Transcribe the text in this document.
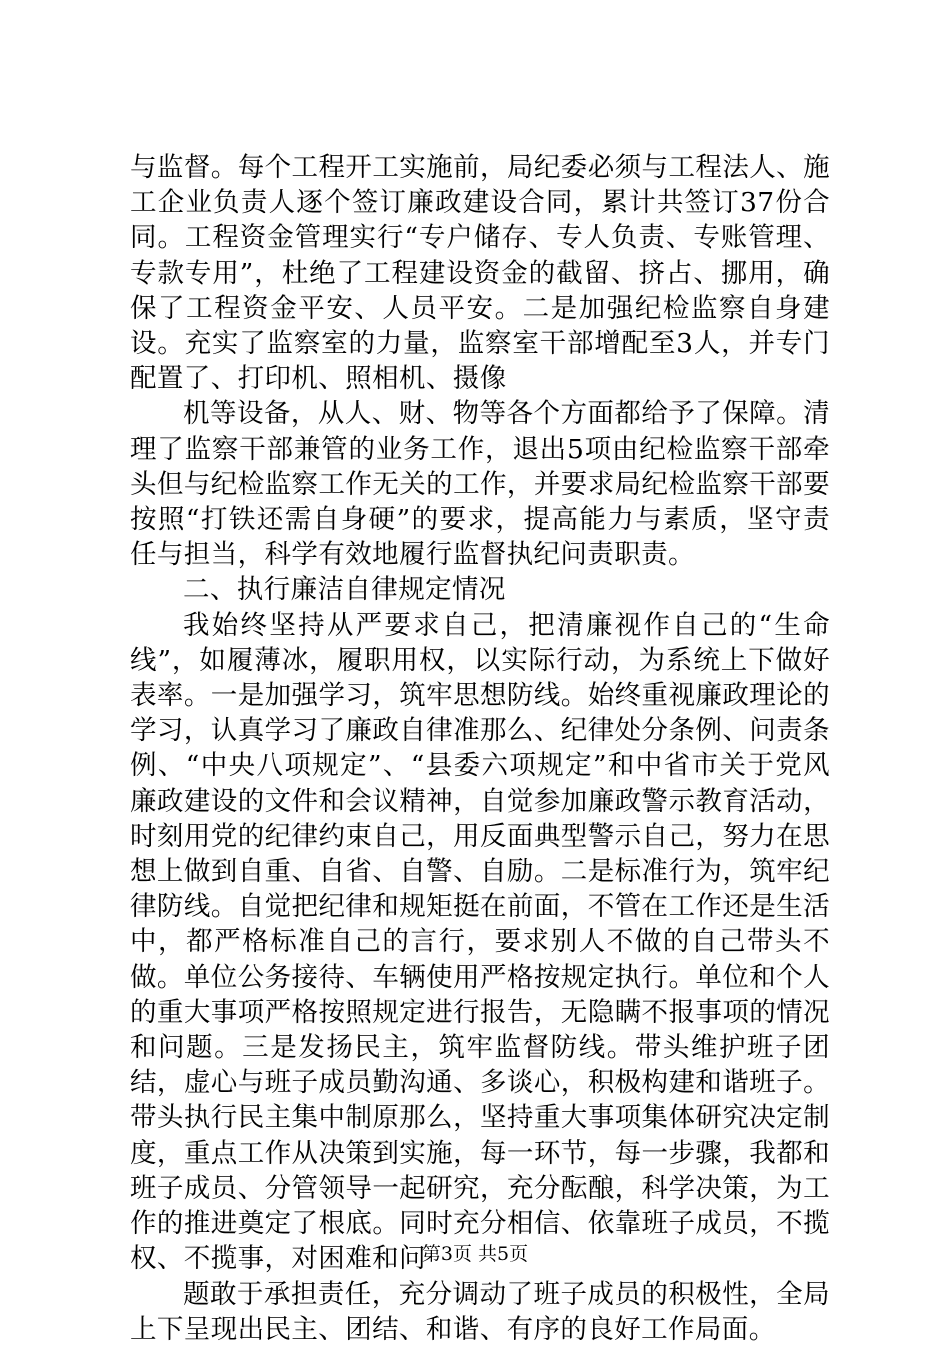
与监督。每个工程开工实施前，局纪委必须与工程法人、施工企业负责人逐个签订廉政建设合同，累计共签订37份合同。工程资金管理实行“专户储存、专人负责、专账管理、专款专用”，杜绝了工程建设资金的截留、挤占、挪用，确保了工程资金平安、人员平安。二是加强纪检监察自身建设。充实了监察室的力量，监察室干部增配至3人，并专门配置了、打印机、照相机、摄像

机等设备，从人、财、物等各个方面都给予了保障。清理了监察干部兼管的业务工作，退出5项由纪检监察干部牵头但与纪检监察工作无关的工作，并要求局纪检监察干部要按照“打铁还需自身硬”的要求，提高能力与素质，坚守责任与担当，科学有效地履行监督执纪问责职责。

二、执行廉洁自律规定情况

我始终坚持从严要求自己，把清廉视作自己的“生命线”，如履薄冰，履职用权，以实际行动，为系统上下做好表率。一是加强学习，筑牢思想防线。始终重视廉政理论的学习，认真学习了廉政自律准那么、纪律处分条例、问责条例、“中央八项规定”、“县委六项规定”和中省市关于党风廉政建设的文件和会议精神，自觉参加廉政警示教育活动，时刻用党的纪律约束自己，用反面典型警示自己，努力在思想上做到自重、自省、自警、自励。二是标准行为，筑牢纪律防线。自觉把纪律和规矩挺在前面，不管在工作还是生活中，都严格标准自己的言行，要求别人不做的自己带头不做。单位公务接待、车辆使用严格按规定执行。单位和个人的重大事项严格按照规定进行报告，无隐瞒不报事项的情况和问题。三是发扬民主，筑牢监督防线。带头维护班子团结，虚心与班子成员勤沟通、多谈心，积极构建和谐班子。带头执行民主集中制原那么，坚持重大事项集体研究决定制度，重点工作从决策到实施，每一环节，每一步骤，我都和班子成员、分管领导一起研究，充分酝酿，科学决策，为工作的推进奠定了根底。同时充分相信、依靠班子成员，不揽权、不揽事，对困难和问

题敢于承担责任，充分调动了班子成员的积极性，全局上下呈现出民主、团结、和谐、有序的良好工作局面。

第3页 共5页
